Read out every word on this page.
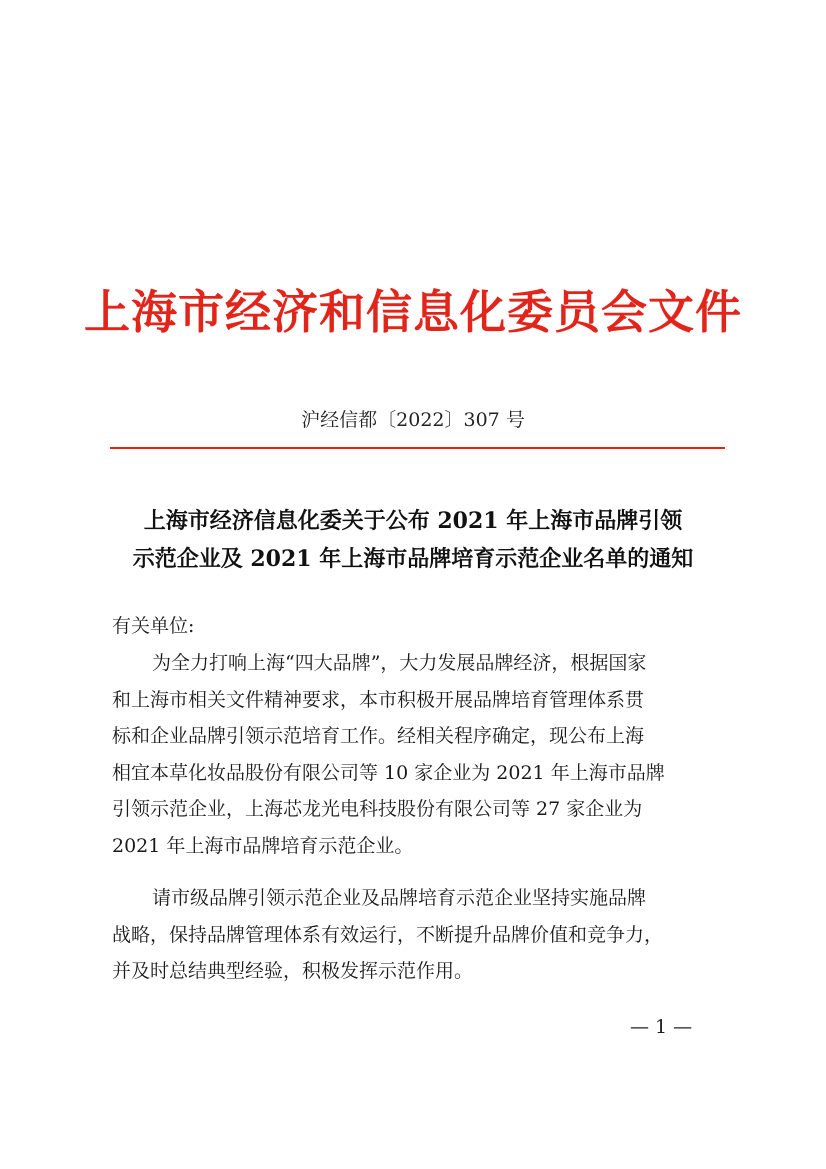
上海市经济和信息化委员会文件
沪经信都〔2022〕307 号
上海市经济信息化委关于公布 2021 年上海市品牌引领
示范企业及 2021 年上海市品牌培育示范企业名单的通知
有关单位:
为全力打响上海“四大品牌”，大力发展品牌经济，根据国家
和上海市相关文件精神要求，本市积极开展品牌培育管理体系贯
标和企业品牌引领示范培育工作。经相关程序确定，现公布上海
相宜本草化妆品股份有限公司等 10 家企业为 2021 年上海市品牌
引领示范企业，上海芯龙光电科技股份有限公司等 27 家企业为
2021 年上海市品牌培育示范企业。
请市级品牌引领示范企业及品牌培育示范企业坚持实施品牌
战略，保持品牌管理体系有效运行，不断提升品牌价值和竞争力，
并及时总结典型经验，积极发挥示范作用。
— 1 —
